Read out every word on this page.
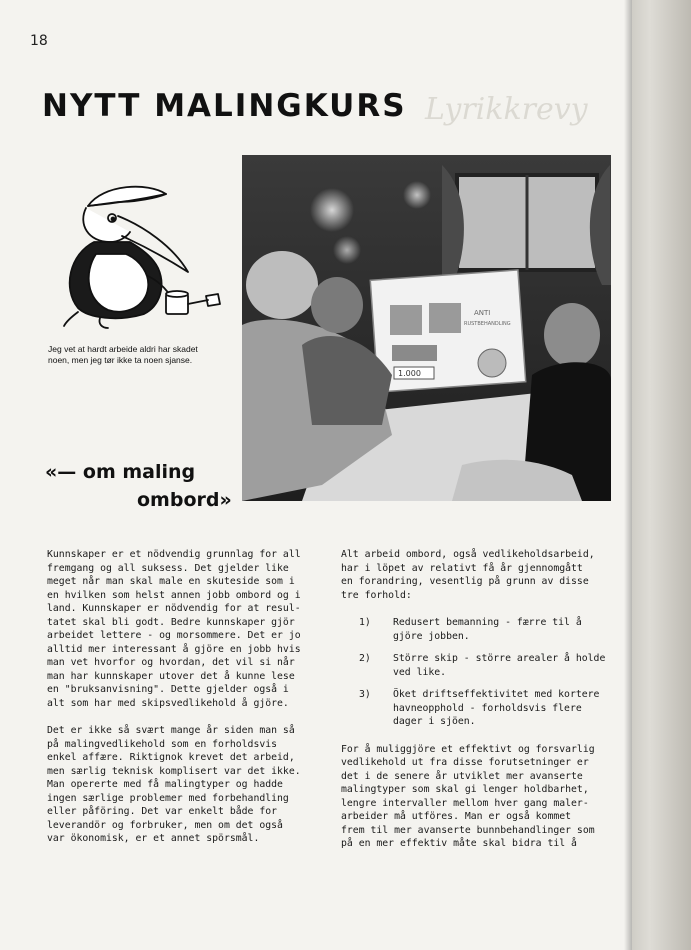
18
Lyrikkrevy
NYTT MALINGKURS
Jeg vet at hardt arbeide aldri har skadet
noen, men jeg tør ikke ta noen sjanse.
ANTI
RUSTBEHANDLING
1.000
«— om maling
ombord»

Kunnskaper er et nödvendig grunnlag for all
fremgang og all suksess. Det gjelder like
meget når man skal male en skuteside som i
en hvilken som helst annen jobb ombord og i
land. Kunnskaper er nödvendig for at resul-
tatet skal bli godt. Bedre kunnskaper gjör
arbeidet lettere - og morsommere. Det er jo
alltid mer interessant å gjöre en jobb hvis
man vet hvorfor og hvordan, det vil si når
man har kunnskaper utover det å kunne lese
en "bruksanvisning". Dette gjelder også i
alt som har med skipsvedlikehold å gjöre.

Det er ikke så svært mange år siden man så
på malingvedlikehold som en forholdsvis
enkel affære. Riktignok krevet det arbeid,
men særlig teknisk komplisert var det ikke.
Man opererte med få malingtyper og hadde
ingen særlige problemer med forbehandling
eller påföring. Det var enkelt både for
leverandör og forbruker, men om det også
var ökonomisk, er et annet spörsmål.

Alt arbeid ombord, også vedlikeholdsarbeid,
har i löpet av relativt få år gjennomgått
en forandring, vesentlig på grunn av disse
tre forhold:

1)	Redusert bemanning - færre til å
gjöre jobben.
2)	Större skip - större arealer å holde
ved like.
3)	Öket driftseffektivitet med kortere
havneopphold - forholdsvis flere
dager i sjöen.

For å muliggjöre et effektivt og forsvarlig
vedlikehold ut fra disse forutsetninger er
det i de senere år utviklet mer avanserte
malingtyper som skal gi lenger holdbarhet,
lengre intervaller mellom hver gang maler-
arbeider må utföres. Man er også kommet
frem til mer avanserte bunnbehandlinger som
på en mer effektiv måte skal bidra til å
